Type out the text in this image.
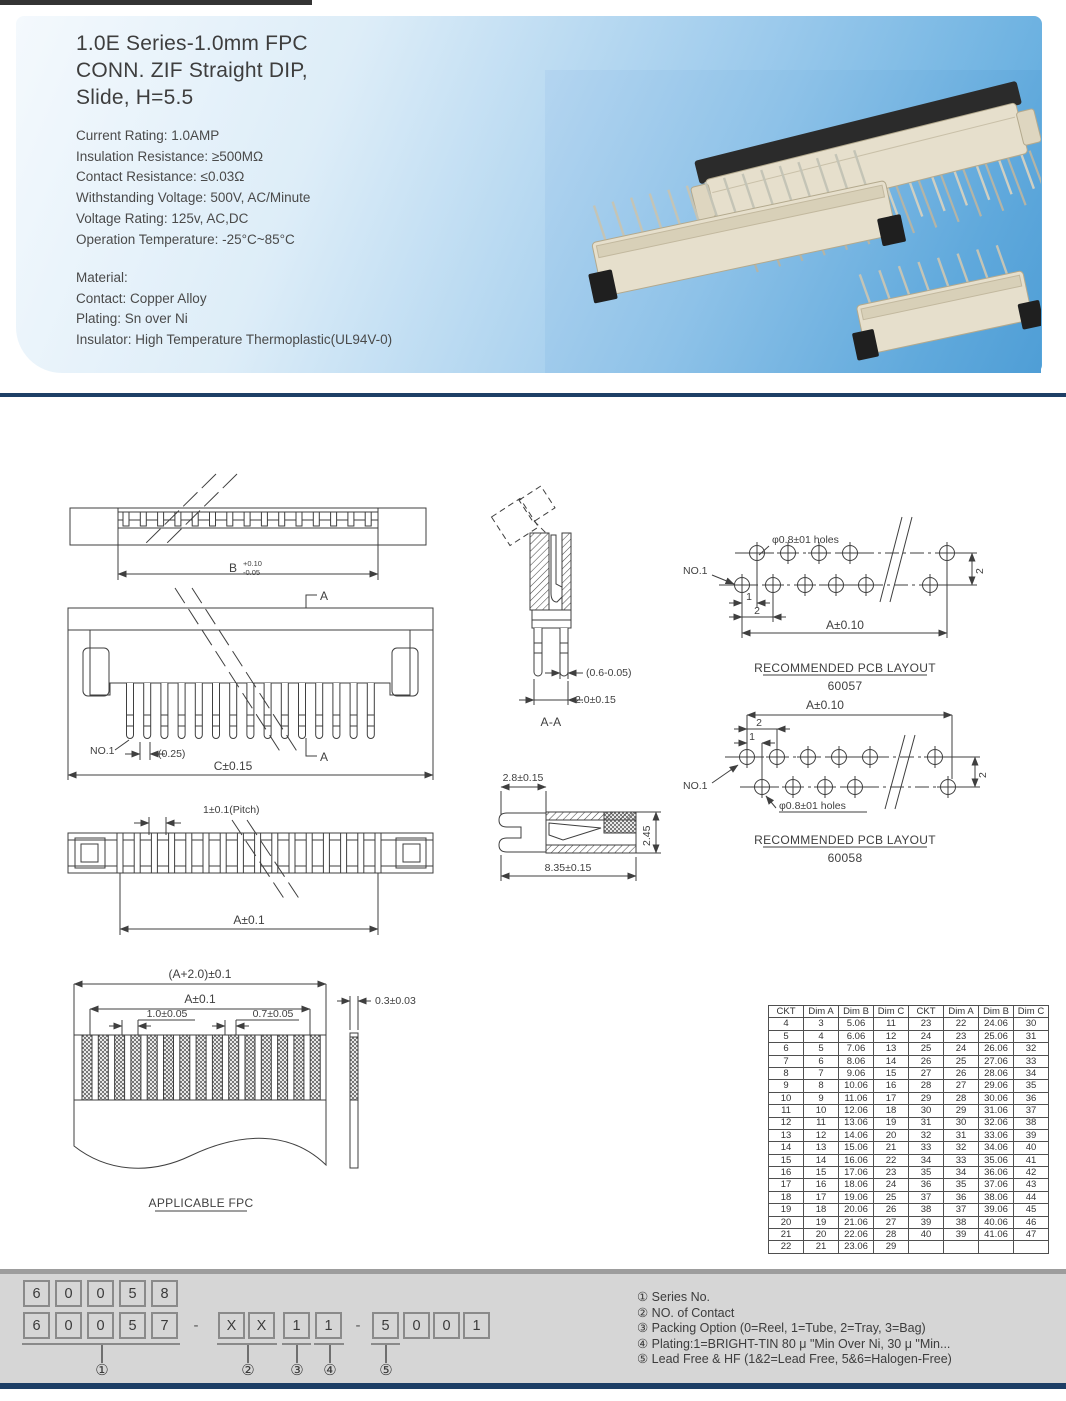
1.0E Series-1.0mm FPC
CONN. ZIF Straight DIP,
Slide, H=5.5
Current Rating: 1.0AMP
Insulation Resistance: ≥500MΩ
Contact Resistance: ≤0.03Ω
Withstanding Voltage: 500V, AC/Minute
Voltage Rating: 125v, AC,DC
Operation Temperature: -25°C~85°C
Material:
Contact: Copper Alloy
Plating: Sn over Ni
Insulator: High Temperature Thermoplastic(UL94V-0)
B +0.10
-0.05
A
NO.1	(0.25)	A
C±0.15
1±0.1(Pitch)
A±0.1
(0.6-0.05)
2.0±0.15
A-A
2.8±0.15
2.45
8.35±0.15
φ0.8±01 holes
NO.1
1
2
2
A±0.10
RECOMMENDED PCB LAYOUT
60057
A±0.10
2
1
NO.1
φ0.8±01 holes
2
RECOMMENDED PCB LAYOUT
60058
(A+2.0)±0.1
A±0.1
1.0±0.05	0.7±0.05
0.3±0.03
APPLICABLE FPC
CKT	Dim A	Dim B	Dim C	CKT	Dim A	Dim B	Dim C
4	3	5.06	11	23	22	24.06	30
5	4	6.06	12	24	23	25.06	31
6	5	7.06	13	25	24	26.06	32
7	6	8.06	14	26	25	27.06	33
8	7	9.06	15	27	26	28.06	34
9	8	10.06	16	28	27	29.06	35
10	9	11.06	17	29	28	30.06	36
11	10	12.06	18	30	29	31.06	37
12	11	13.06	19	31	30	32.06	38
13	12	14.06	20	32	31	33.06	39
14	13	15.06	21	33	32	34.06	40
15	14	16.06	22	34	33	35.06	41
16	15	17.06	23	35	34	36.06	42
17	16	18.06	24	36	35	37.06	43
18	17	19.06	25	37	36	38.06	44
19	18	20.06	26	38	37	39.06	45
20	19	21.06	27	39	38	40.06	46
21	20	22.06	28	40	39	41.06	47
22	21	23.06	29				
6	0	0	5	8
6	0	0	5	7	-	X	X	1	1	-	5	0	0	1
①	② ③ ④	⑤
① Series No.
② NO. of Contact
③ Packing Option (0=Reel, 1=Tube, 2=Tray, 3=Bag)
④ Plating:1=BRIGHT-TIN 80 μ "Min Over Ni, 30 μ "Min...
⑤ Lead Free & HF (1&2=Lead Free, 5&6=Halogen-Free)
